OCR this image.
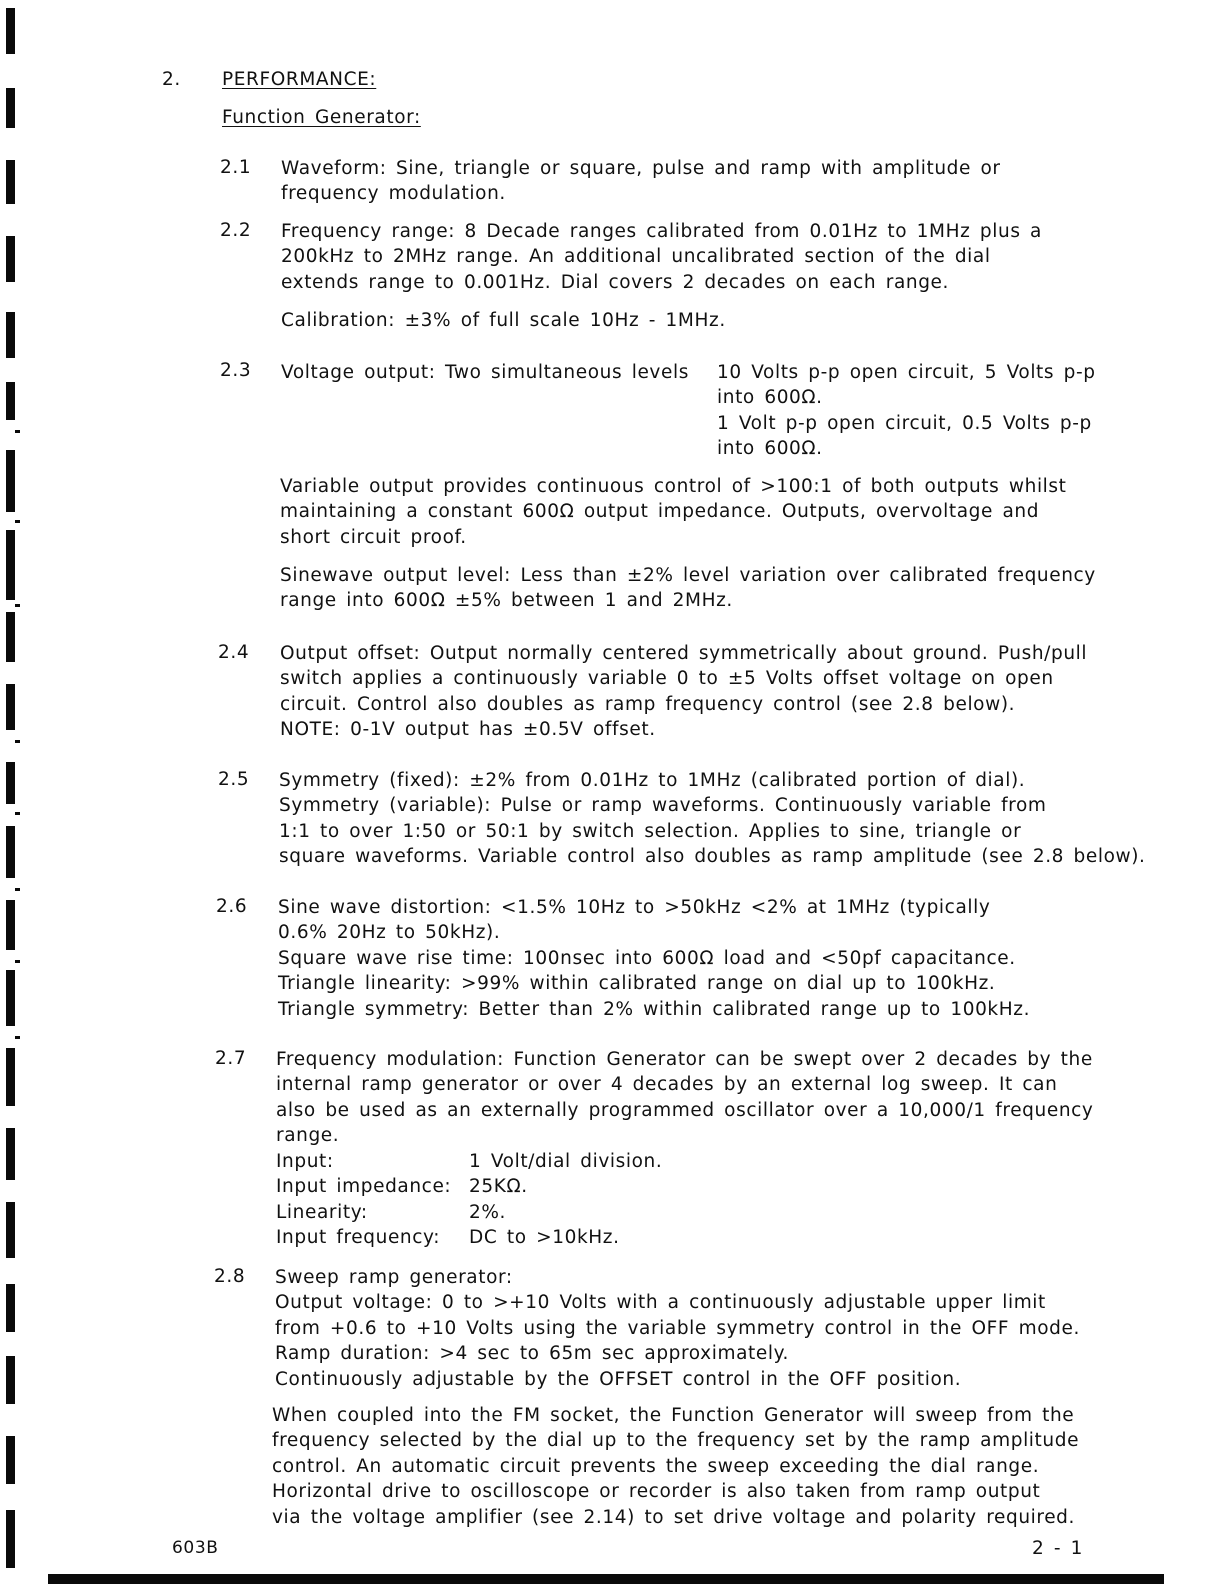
2. PERFORMANCE:
Function Generator:
2.1 Waveform: Sine, triangle or square, pulse and ramp with amplitude or
frequency modulation.
2.2 Frequency range: 8 Decade ranges calibrated from 0.01Hz to 1MHz plus a
200kHz to 2MHz range. An additional uncalibrated section of the dial
extends range to 0.001Hz. Dial covers 2 decades on each range.
Calibration: ±3% of full scale 10Hz - 1MHz.
2.3 Voltage output: Two simultaneous levels 10 Volts p-p open circuit, 5 Volts p-p
into 600Ω.
1 Volt p-p open circuit, 0.5 Volts p-p
into 600Ω.
Variable output provides continuous control of >100:1 of both outputs whilst
maintaining a constant 600Ω output impedance. Outputs, overvoltage and
short circuit proof.
Sinewave output level: Less than ±2% level variation over calibrated frequency
range into 600Ω ±5% between 1 and 2MHz.
2.4 Output offset: Output normally centered symmetrically about ground. Push/pull
switch applies a continuously variable 0 to ±5 Volts offset voltage on open
circuit. Control also doubles as ramp frequency control (see 2.8 below).
NOTE: 0-1V output has ±0.5V offset.
2.5 Symmetry (fixed): ±2% from 0.01Hz to 1MHz (calibrated portion of dial).
Symmetry (variable): Pulse or ramp waveforms. Continuously variable from
1:1 to over 1:50 or 50:1 by switch selection. Applies to sine, triangle or
square waveforms. Variable control also doubles as ramp amplitude (see 2.8 below).
2.6 Sine wave distortion: <1.5% 10Hz to >50kHz <2% at 1MHz (typically
0.6% 20Hz to 50kHz).
Square wave rise time: 100nsec into 600Ω load and <50pf capacitance.
Triangle linearity: >99% within calibrated range on dial up to 100kHz.
Triangle symmetry: Better than 2% within calibrated range up to 100kHz.
2.7 Frequency modulation: Function Generator can be swept over 2 decades by the
internal ramp generator or over 4 decades by an external log sweep. It can
also be used as an externally programmed oscillator over a 10,000/1 frequency
range.
Input:	1 Volt/dial division.
Input impedance: 25KΩ.
Linearity:	2%.
Input frequency: DC to >10kHz.
2.8 Sweep ramp generator:
Output voltage: 0 to >+10 Volts with a continuously adjustable upper limit
from +0.6 to +10 Volts using the variable symmetry control in the OFF mode.
Ramp duration: >4 sec to 65m sec approximately.
Continuously adjustable by the OFFSET control in the OFF position.
When coupled into the FM socket, the Function Generator will sweep from the
frequency selected by the dial up to the frequency set by the ramp amplitude
control. An automatic circuit prevents the sweep exceeding the dial range.
Horizontal drive to oscilloscope or recorder is also taken from ramp output
via the voltage amplifier (see 2.14) to set drive voltage and polarity required.
603B	2 - 1
